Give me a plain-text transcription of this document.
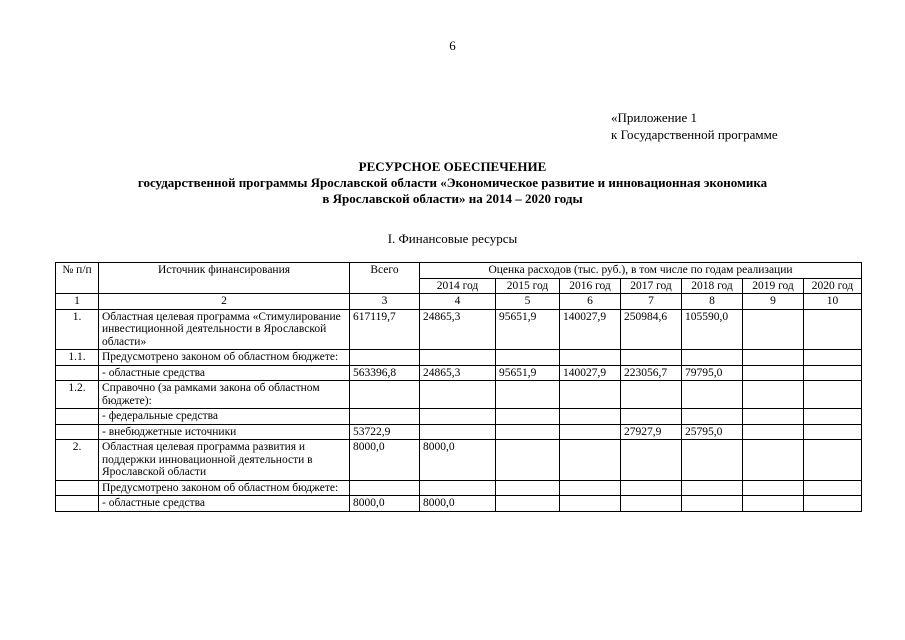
6
«Приложение 1
к Государственной программе
РЕСУРСНОЕ ОБЕСПЕЧЕНИЕ
государственной программы Ярославской области «Экономическое развитие и инновационная экономика
в Ярославской области» на 2014 – 2020 годы
I. Финансовые ресурсы
№ п/п	Источник финансирования	Всего	Оценка расходов (тыс. руб.), в том числе по годам реализации						
			2014 год	2015 год	2016 год	2017 год	2018 год	2019 год	2020 год
1	2	3	4	5	6	7	8	9	10
1.	Областная целевая программа «Стимулирование инвестиционной деятельности в Ярославской области»	617119,7	24865,3	95651,9	140027,9	250984,6	105590,0		
1.1.	Предусмотрено законом об областном бюджете:								
	- областные средства	563396,8	24865,3	95651,9	140027,9	223056,7	79795,0		
1.2.	Справочно (за рамками закона об областном бюджете):								
	- федеральные средства								
	- внебюджетные источники	53722,9				27927,9	25795,0		
2.	Областная целевая программа развития и поддержки инновационной деятельности в Ярославской области	8000,0	8000,0						
	Предусмотрено законом об областном бюджете:								
	- областные средства	8000,0	8000,0						
